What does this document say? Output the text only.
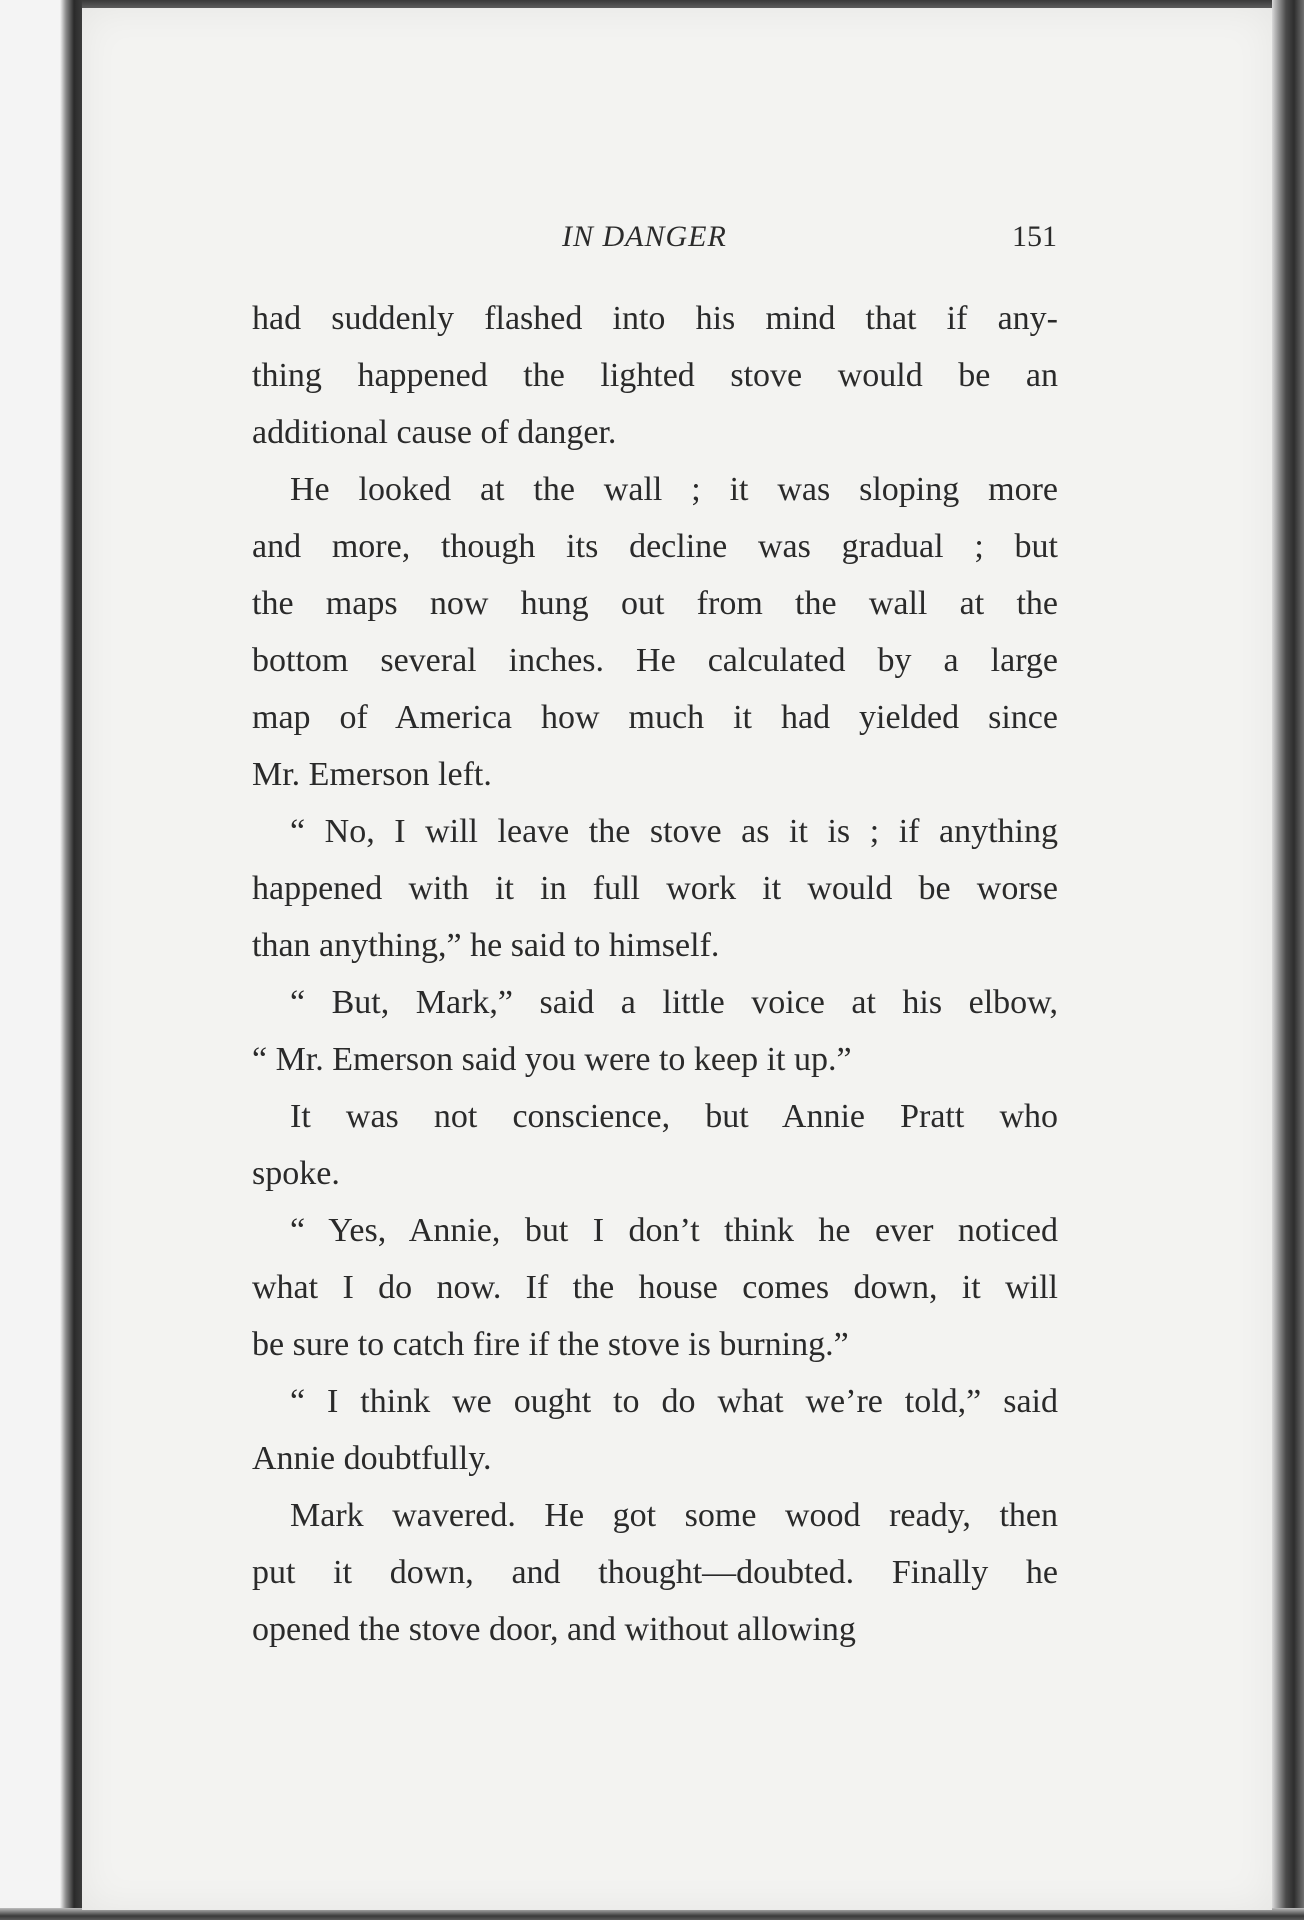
IN DANGER	151
had suddenly flashed into his mind that if any-
thing happened the lighted stove would be an
additional cause of danger.
He looked at the wall ; it was sloping more
and more, though its decline was gradual ; but
the maps now hung out from the wall at the
bottom several inches. He calculated by a large
map of America how much it had yielded since
Mr. Emerson left.
“ No, I will leave the stove as it is ; if anything
happened with it in full work it would be worse
than anything,” he said to himself.
“ But, Mark,” said a little voice at his elbow,
“ Mr. Emerson said you were to keep it up.”
It was not conscience, but Annie Pratt who
spoke.
“ Yes, Annie, but I don’t think he ever noticed
what I do now. If the house comes down, it will
be sure to catch fire if the stove is burning.”
“ I think we ought to do what we’re told,” said
Annie doubtfully.
Mark wavered. He got some wood ready, then
put it down, and thought—doubted. Finally he
opened the stove door, and without allowing
